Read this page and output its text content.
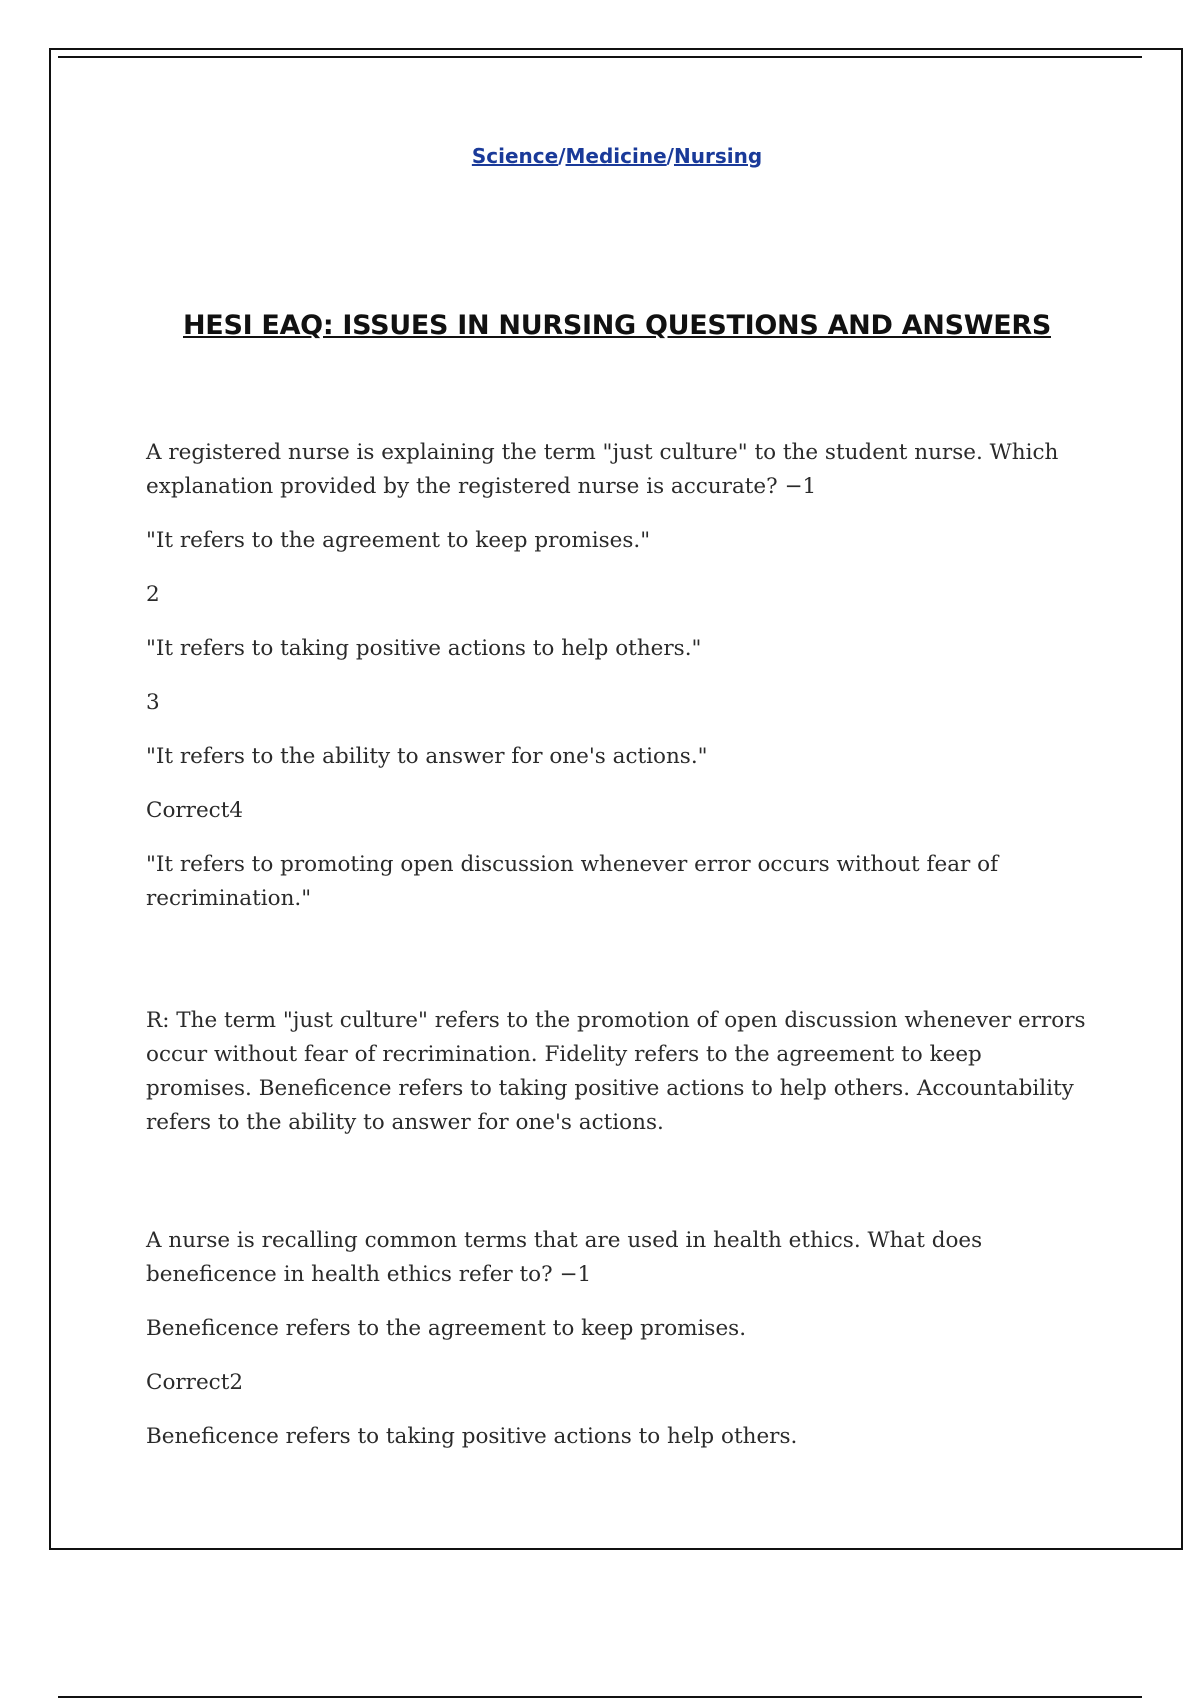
Science/Medicine/Nursing
HESI EAQ: ISSUES IN NURSING QUESTIONS AND ANSWERS

A registered nurse is explaining the term "just culture" to the student nurse. Which explanation provided by the registered nurse is accurate? −1

"It refers to the agreement to keep promises."

2

"It refers to taking positive actions to help others."

3

"It refers to the ability to answer for one's actions."

Correct4

"It refers to promoting open discussion whenever error occurs without fear of recrimination."

R: The term "just culture" refers to the promotion of open discussion whenever errors occur without fear of recrimination. Fidelity refers to the agreement to keep promises. Beneficence refers to taking positive actions to help others. Accountability refers to the ability to answer for one's actions.

A nurse is recalling common terms that are used in health ethics. What does beneficence in health ethics refer to? −1

Beneficence refers to the agreement to keep promises.

Correct2

Beneficence refers to taking positive actions to help others.
